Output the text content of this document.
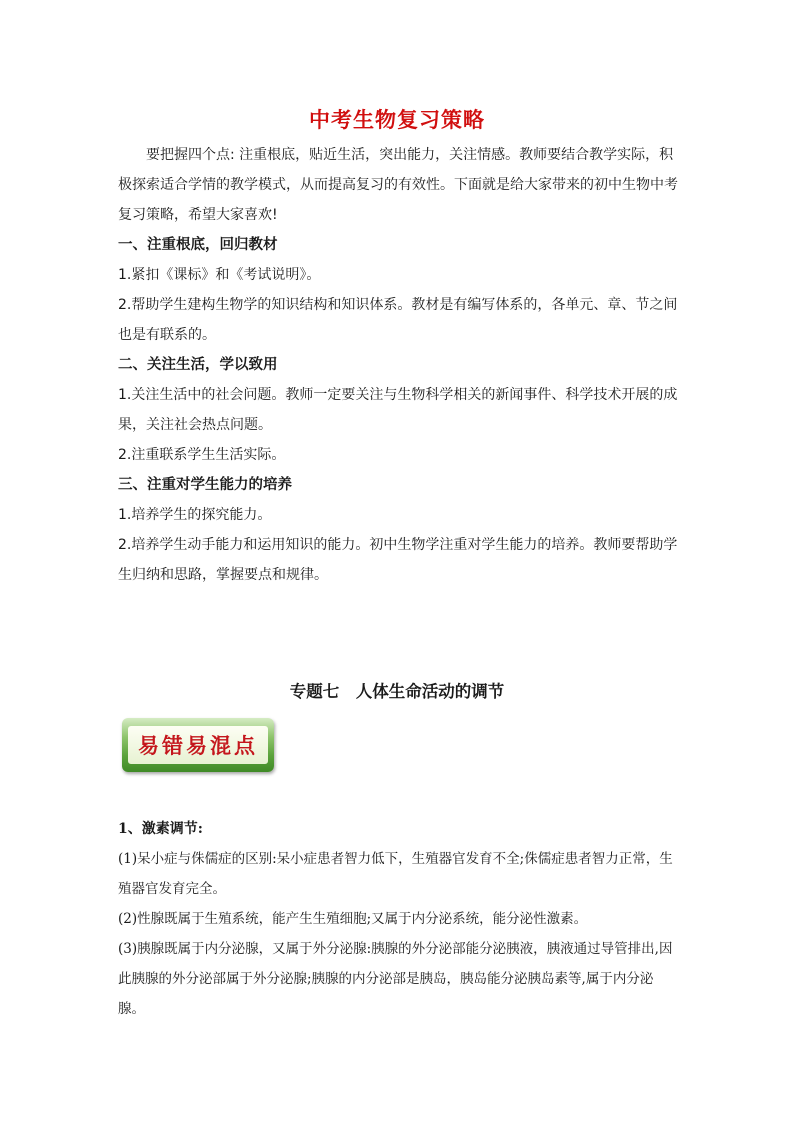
中考生物复习策略

要把握四个点: 注重根底，贴近生活，突出能力，关注情感。教师要结合教学实际，积极探索适合学情的教学模式，从而提高复习的有效性。下面就是给大家带来的初中生物中考复习策略，希望大家喜欢!

一、注重根底，回归教材

1.紧扣《课标》和《考试说明》。

2.帮助学生建构生物学的知识结构和知识体系。教材是有编写体系的，各单元、章、节之间也是有联系的。

二、关注生活，学以致用

1.关注生活中的社会问题。教师一定要关注与生物科学相关的新闻事件、科学技术开展的成果，关注社会热点问题。

2.注重联系学生生活实际。

三、注重对学生能力的培养

1.培养学生的探究能力。

2.培养学生动手能力和运用知识的能力。初中生物学注重对学生能力的培养。教师要帮助学生归纳和思路，掌握要点和规律。

专题七　人体生命活动的调节
易错易混点

1、激素调节:

(1)呆小症与侏儒症的区别:呆小症患者智力低下，生殖器官发育不全;侏儒症患者智力正常，生殖器官发育完全。

(2)性腺既属于生殖系统，能产生生殖细胞;又属于内分泌系统，能分泌性激素。

(3)胰腺既属于内分泌腺，又属于外分泌腺:胰腺的外分泌部能分泌胰液，胰液通过导管排出,因此胰腺的外分泌部属于外分泌腺;胰腺的内分泌部是胰岛，胰岛能分泌胰岛素等,属于内分泌腺。
